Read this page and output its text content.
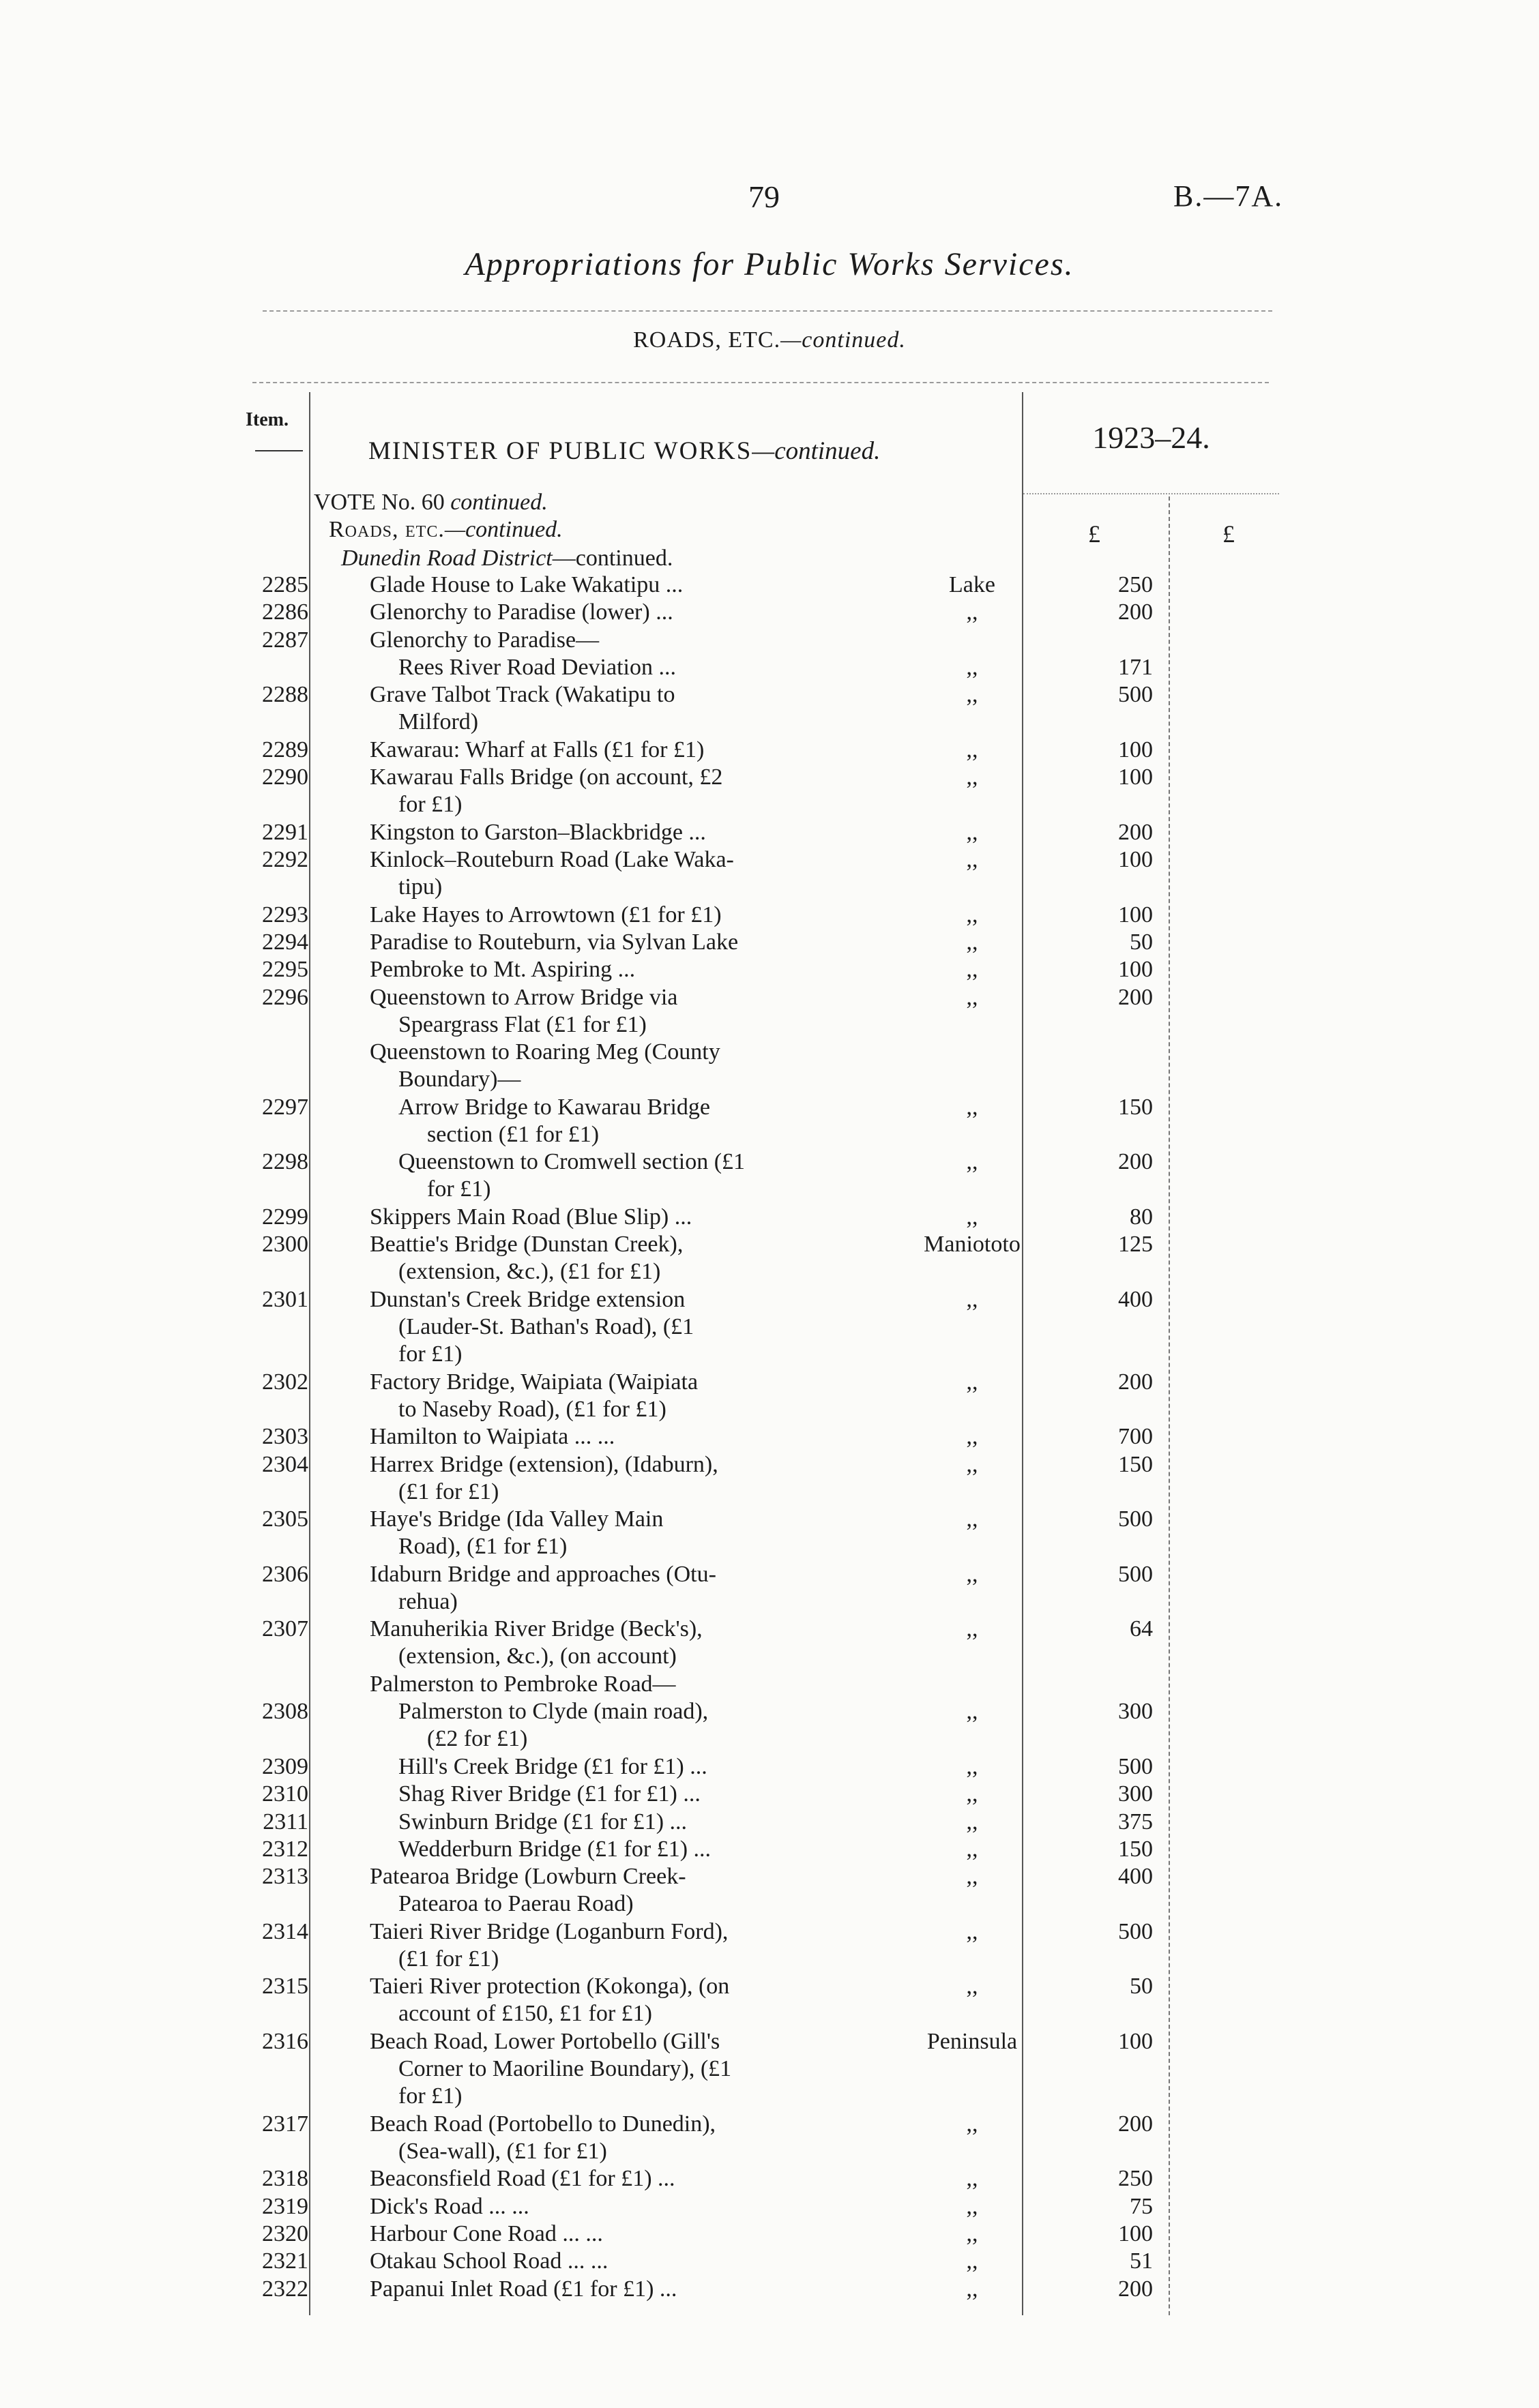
79	B.—7A.
Appropriations for Public Works Services.
ROADS, ETC.—continued.
Item.
MINISTER OF PUBLIC WORKS—continued.	1923–24.
£	£
VOTE No. 60 continued.
Roads, etc.—continued.
Dunedin Road District—continued.
2285	Glade House to Lake Wakatipu ...	Lake	250
2286	Glenorchy to Paradise (lower) ...	,,	200
2287	Glenorchy to Paradise—
Rees River Road Deviation ...	,,	171
2288	Grave Talbot Track (Wakatipu to
Milford)
,,	500
2289	Kawarau: Wharf at Falls (£1 for £1)	,,	100
2290	Kawarau Falls Bridge (on account, £2
for £1)
,,	100
2291	Kingston to Garston–Blackbridge ...	,,	200
2292	Kinlock–Routeburn Road (Lake Waka-
tipu)
,,	100
2293	Lake Hayes to Arrowtown (£1 for £1)	,,	100
2294	Paradise to Routeburn, via Sylvan Lake	,,	50
2295	Pembroke to Mt. Aspiring ...	,,	100
2296	Queenstown to Arrow Bridge via
Speargrass Flat (£1 for £1)
,,	200
Queenstown to Roaring Meg (County
Boundary)—
2297	Arrow Bridge to Kawarau Bridge
section (£1 for £1)
,,	150
2298	Queenstown to Cromwell section (£1
for £1)
,,	200
2299	Skippers Main Road (Blue Slip) ...	,,	80
2300	Beattie's Bridge (Dunstan Creek),
(extension, &c.), (£1 for £1)
Maniototo	125
2301	Dunstan's Creek Bridge extension
(Lauder-St. Bathan's Road), (£1
for £1)
,,	400
2302	Factory Bridge, Waipiata (Waipiata
to Naseby Road), (£1 for £1)
,,	200
2303	Hamilton to Waipiata ... ...	,,	700
2304	Harrex Bridge (extension), (Idaburn),
(£1 for £1)
,,	150
2305	Haye's Bridge (Ida Valley Main
Road), (£1 for £1)
,,	500
2306	Idaburn Bridge and approaches (Otu-
rehua)
,,	500
2307	Manuherikia River Bridge (Beck's),
(extension, &c.), (on account)
,,	64
Palmerston to Pembroke Road—
2308	Palmerston to Clyde (main road),
(£2 for £1)
,,	300
2309	Hill's Creek Bridge (£1 for £1) ...	,,	500
2310	Shag River Bridge (£1 for £1) ...	,,	300
2311	Swinburn Bridge (£1 for £1) ...	,,	375
2312	Wedderburn Bridge (£1 for £1) ...	,,	150
2313	Patearoa Bridge (Lowburn Creek-
Patearoa to Paerau Road)
,,	400
2314	Taieri River Bridge (Loganburn Ford),
(£1 for £1)
,,	500
2315	Taieri River protection (Kokonga), (on
account of £150, £1 for £1)
,,	50
2316	Beach Road, Lower Portobello (Gill's
Corner to Maoriline Boundary), (£1
for £1)
Peninsula	100
2317	Beach Road (Portobello to Dunedin),
(Sea-wall), (£1 for £1)
,,	200
2318	Beaconsfield Road (£1 for £1) ...	,,	250
2319	Dick's Road ... ...	,,	75
2320	Harbour Cone Road ... ...	,,	100
2321	Otakau School Road ... ...	,,	51
2322	Papanui Inlet Road (£1 for £1) ...	,,	200
